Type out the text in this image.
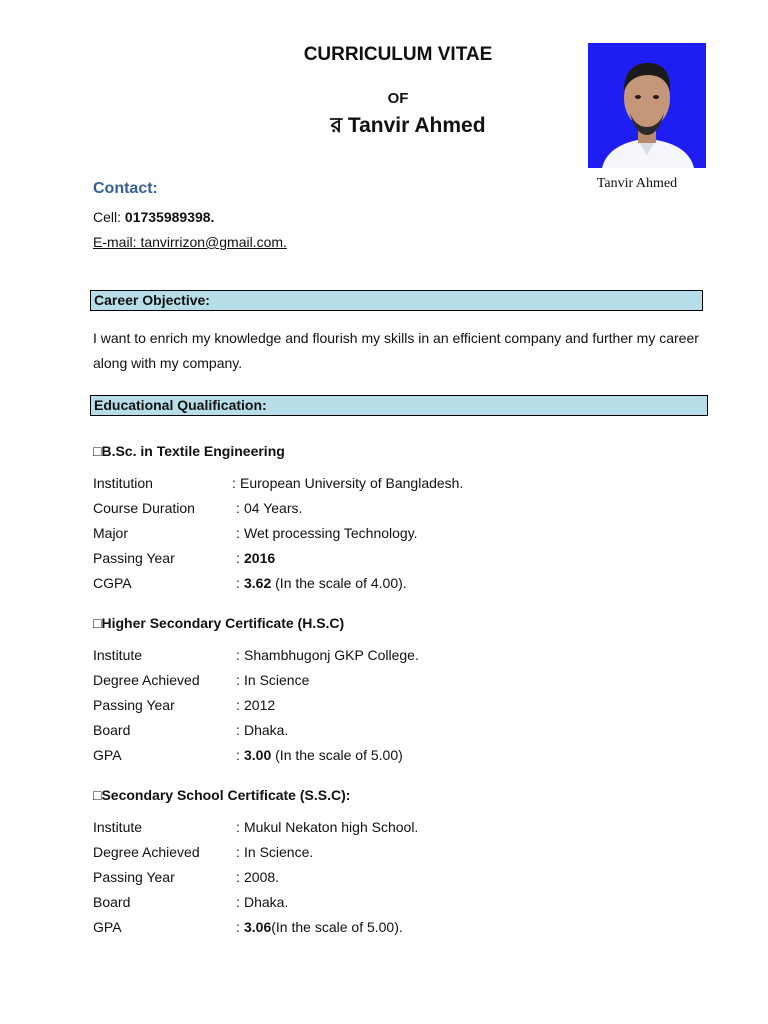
CURRICULUM VITAE
OF
র Tanvir Ahmed
Tanvir Ahmed
Contact:
Cell: 01735989398.
E-mail: tanvirrizon@gmail.com.
Career Objective:
I want to enrich my knowledge and flourish my skills in an efficient company and further my career along with my company.
Educational Qualification:
□B.Sc. in Textile Engineering
Institution	: European University of Bangladesh.
Course Duration	: 04 Years.
Major	: Wet processing Technology.
Passing Year	: 2016
CGPA	: 3.62 (In the scale of 4.00).
□Higher Secondary Certificate (H.S.C)
Institute	: Shambhugonj GKP College.
Degree Achieved	: In Science
Passing Year	: 2012
Board	: Dhaka.
GPA	: 3.00 (In the scale of 5.00)
□Secondary School Certificate (S.S.C):
Institute	: Mukul Nekaton high School.
Degree Achieved	: In Science.
Passing Year	: 2008.
Board	: Dhaka.
GPA	: 3.06(In the scale of 5.00).
